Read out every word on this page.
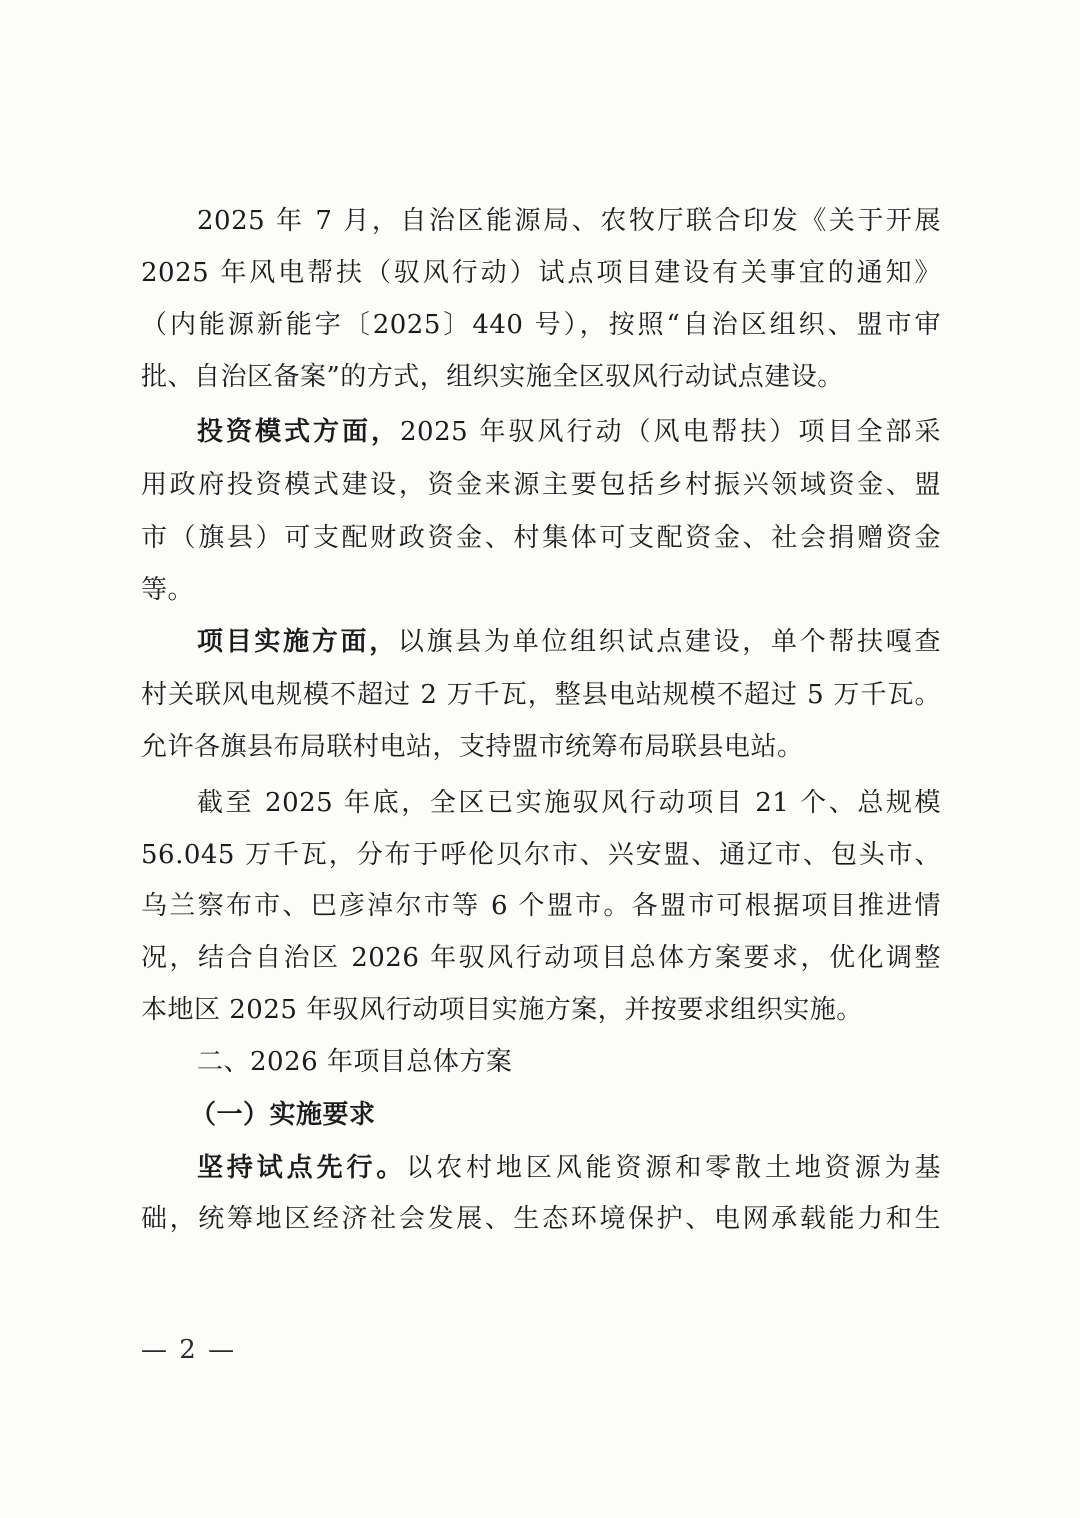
2025 年 7 月，自治区能源局、农牧厅联合印发《关于开展
2025 年风电帮扶（驭风行动）试点项目建设有关事宜的通知》
（内能源新能字〔2025〕440 号），按照“自治区组织、盟市审
批、自治区备案”的方式，组织实施全区驭风行动试点建设。
投资模式方面，2025 年驭风行动（风电帮扶）项目全部采
用政府投资模式建设，资金来源主要包括乡村振兴领域资金、盟
市（旗县）可支配财政资金、村集体可支配资金、社会捐赠资金
等。
项目实施方面，以旗县为单位组织试点建设，单个帮扶嘎查
村关联风电规模不超过 2 万千瓦，整县电站规模不超过 5 万千瓦。
允许各旗县布局联村电站，支持盟市统筹布局联县电站。
截至 2025 年底，全区已实施驭风行动项目 21 个、总规模
56.045 万千瓦，分布于呼伦贝尔市、兴安盟、通辽市、包头市、
乌兰察布市、巴彦淖尔市等 6 个盟市。各盟市可根据项目推进情
况，结合自治区 2026 年驭风行动项目总体方案要求，优化调整
本地区 2025 年驭风行动项目实施方案，并按要求组织实施。
二、2026 年项目总体方案
（一）实施要求
坚持试点先行。以农村地区风能资源和零散土地资源为基
础，统筹地区经济社会发展、生态环境保护、电网承载能力和生
— 2 —
